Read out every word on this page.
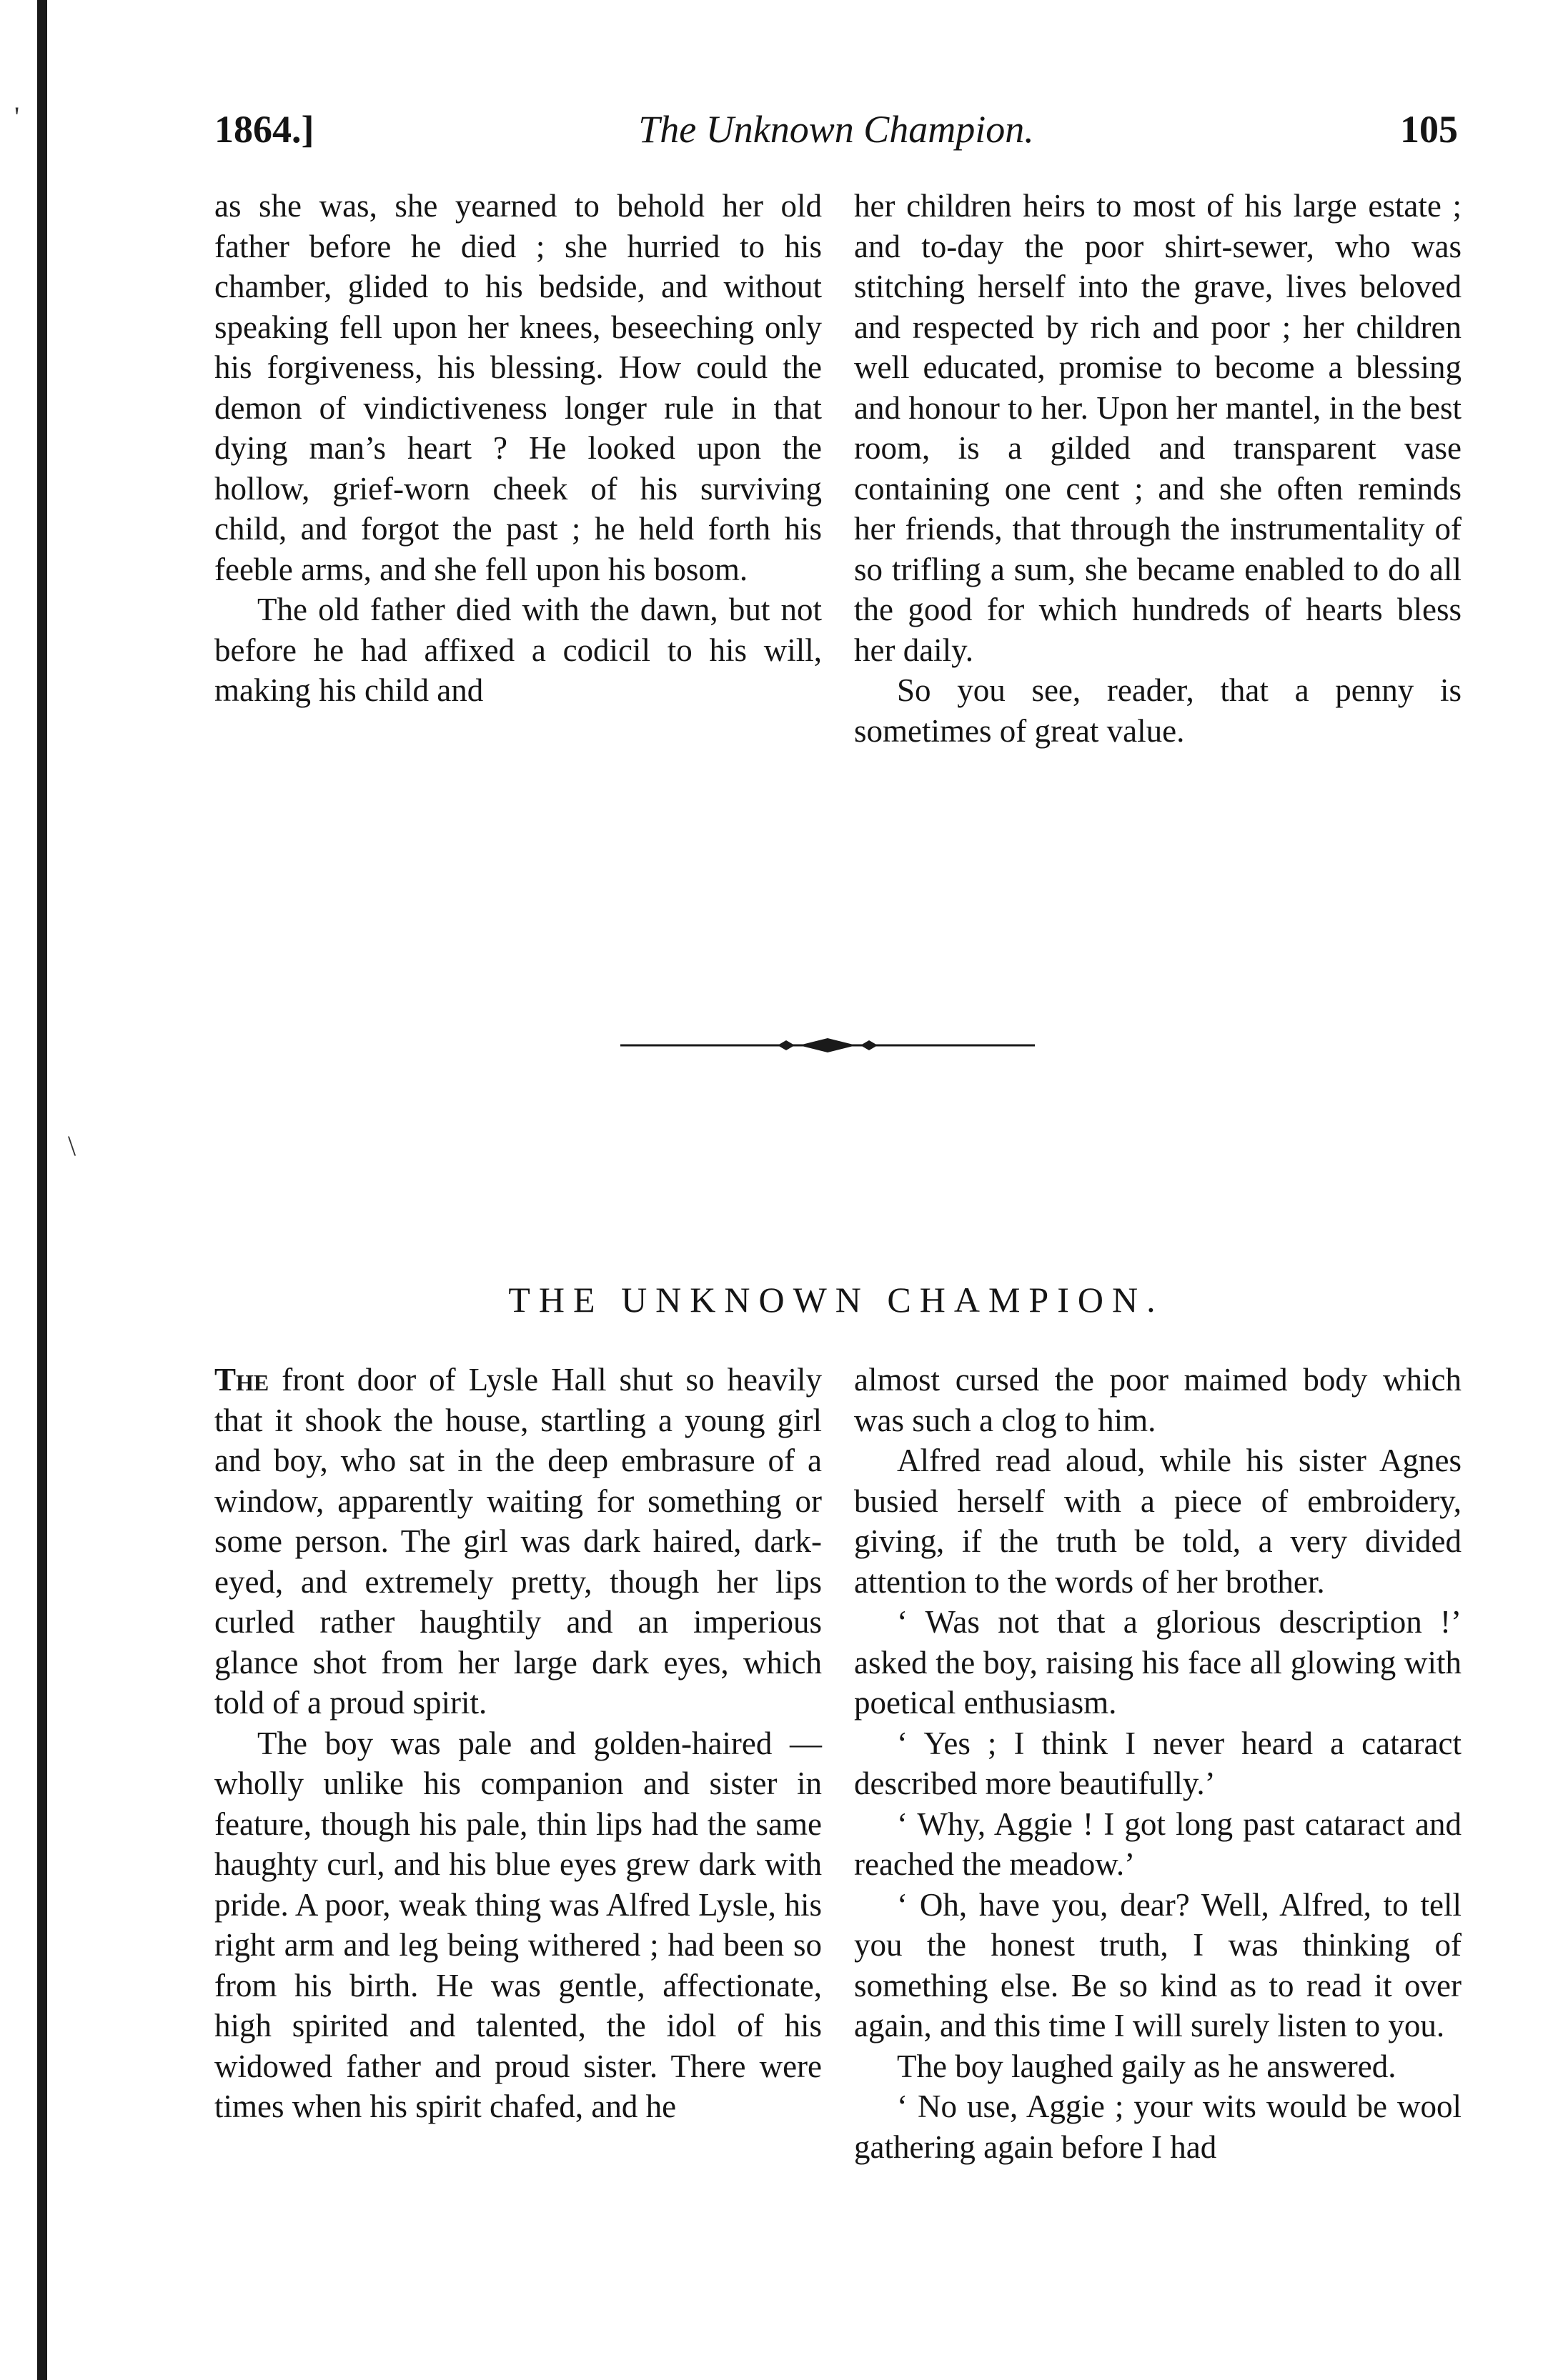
'
\
1864.]	The Unknown Champion.	105

as she was, she yearned to behold her old father before he died ; she hurried to his chamber, glided to his bedside, and without speaking fell upon her knees, beseeching only his forgiveness, his blessing. How could the demon of vindictiveness longer rule in that dying man’s heart ? He looked upon the hollow, grief-worn cheek of his surviving child, and forgot the past ; he held forth his feeble arms, and she fell upon his bosom.

The old father died with the dawn, but not before he had affixed a codicil to his will, making his child and

her children heirs to most of his large estate ; and to-day the poor shirt-sewer, who was stitching herself into the grave, lives beloved and respected by rich and poor ; her children well educated, promise to become a blessing and honour to her. Upon her mantel, in the best room, is a gilded and transparent vase containing one cent ; and she often reminds her friends, that through the instrumentality of so trifling a sum, she became enabled to do all the good for which hundreds of hearts bless her daily.

So you see, reader, that a penny is sometimes of great value.

THE UNKNOWN CHAMPION.

The front door of Lysle Hall shut so heavily that it shook the house, startling a young girl and boy, who sat in the deep embrasure of a window, apparently waiting for something or some person. The girl was dark haired, dark-eyed, and extremely pretty, though her lips curled rather haughtily and an imperious glance shot from her large dark eyes, which told of a proud spirit.

The boy was pale and golden-haired —wholly unlike his companion and sister in feature, though his pale, thin lips had the same haughty curl, and his blue eyes grew dark with pride. A poor, weak thing was Alfred Lysle, his right arm and leg being withered ; had been so from his birth. He was gentle, affectionate, high spirited and talented, the idol of his widowed father and proud sister. There were times when his spirit chafed, and he

almost cursed the poor maimed body which was such a clog to him.

Alfred read aloud, while his sister Agnes busied herself with a piece of embroidery, giving, if the truth be told, a very divided attention to the words of her brother.

‘ Was not that a glorious description !’ asked the boy, raising his face all glowing with poetical enthusiasm.

‘ Yes ; I think I never heard a cataract described more beautifully.’

‘ Why, Aggie ! I got long past cataract and reached the meadow.’

‘ Oh, have you, dear? Well, Alfred, to tell you the honest truth, I was thinking of something else. Be so kind as to read it over again, and this time I will surely listen to you.

The boy laughed gaily as he answered.

‘ No use, Aggie ; your wits would be wool gathering again before I had
